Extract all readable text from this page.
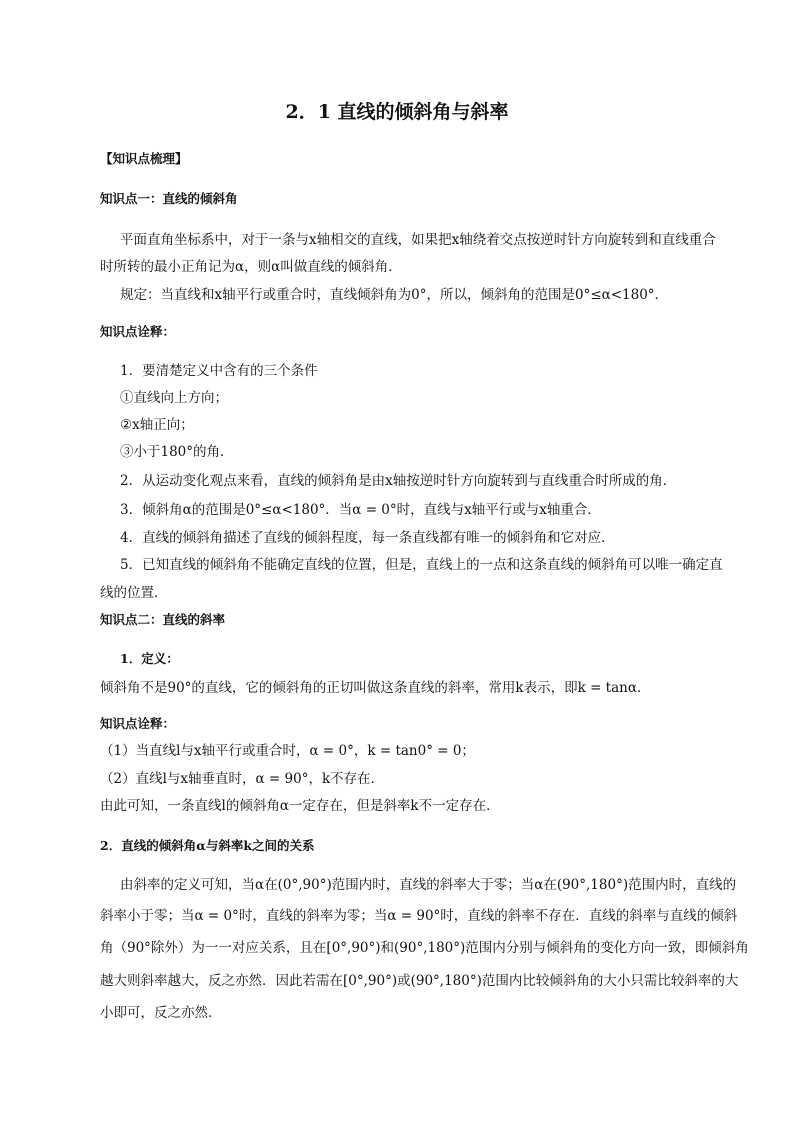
2．1 直线的倾斜角与斜率
【知识点梳理】
知识点一：直线的倾斜角
平面直角坐标系中，对于一条与x轴相交的直线，如果把x轴绕着交点按逆时针方向旋转到和直线重合
时所转的最小正角记为α，则α叫做直线的倾斜角．
规定：当直线和x轴平行或重合时，直线倾斜角为0°，所以，倾斜角的范围是0°≤α<180°．
知识点诠释：
1．要清楚定义中含有的三个条件
①直线向上方向；
②x轴正向；
③小于180°的角．
2．从运动变化观点来看，直线的倾斜角是由x轴按逆时针方向旋转到与直线重合时所成的角．
3．倾斜角α的范围是0°≤α<180°．当α = 0°时，直线与x轴平行或与x轴重合．
4．直线的倾斜角描述了直线的倾斜程度，每一条直线都有唯一的倾斜角和它对应．
5．已知直线的倾斜角不能确定直线的位置，但是，直线上的一点和这条直线的倾斜角可以唯一确定直
线的位置．
知识点二：直线的斜率
1．定义：
倾斜角不是90°的直线，它的倾斜角的正切叫做这条直线的斜率，常用k表示，即k = tanα．
知识点诠释：
（1）当直线l与x轴平行或重合时，α = 0°，k = tan0° = 0；
（2）直线l与x轴垂直时，α = 90°，k不存在．
由此可知，一条直线l的倾斜角α一定存在，但是斜率k不一定存在．
2．直线的倾斜角α与斜率k之间的关系
由斜率的定义可知，当α在(0°,90°)范围内时，直线的斜率大于零；当α在(90°,180°)范围内时，直线的
斜率小于零；当α = 0°时，直线的斜率为零；当α = 90°时，直线的斜率不存在．直线的斜率与直线的倾斜
角（90°除外）为一一对应关系，且在[0°,90°)和(90°,180°)范围内分别与倾斜角的变化方向一致，即倾斜角
越大则斜率越大，反之亦然．因此若需在[0°,90°)或(90°,180°)范围内比较倾斜角的大小只需比较斜率的大
小即可，反之亦然．
